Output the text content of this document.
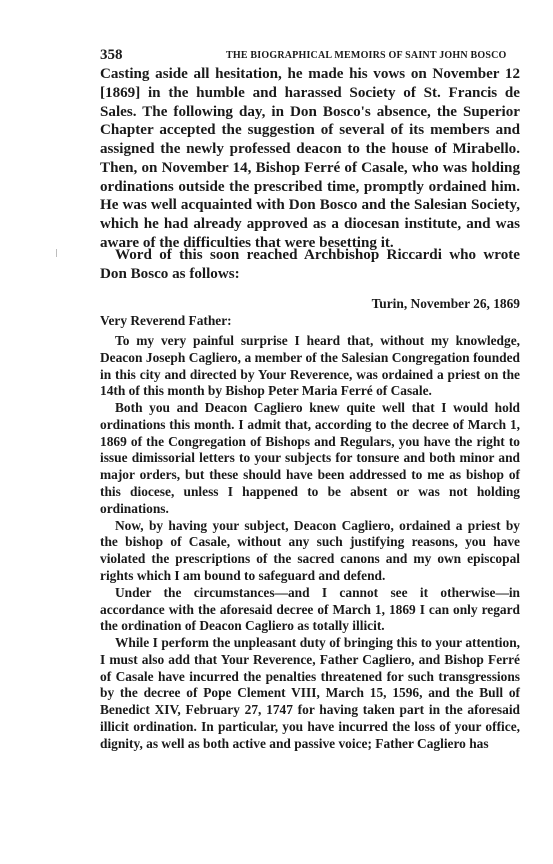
358	THE BIOGRAPHICAL MEMOIRS OF SAINT JOHN BOSCO
Casting aside all hesitation, he made his vows on November 12 [1869] in the humble and harassed Society of St. Francis de Sales. The following day, in Don Bosco's absence, the Superior Chapter accepted the suggestion of several of its members and assigned the newly professed deacon to the house of Mirabello. Then, on November 14, Bishop Ferré of Casale, who was holding ordinations outside the prescribed time, promptly ordained him. He was well acquainted with Don Bosco and the Salesian Society, which he had already approved as a diocesan institute, and was aware of the difficulties that were besetting it.
Word of this soon reached Archbishop Riccardi who wrote Don Bosco as follows:
Turin, November 26, 1869
Very Reverend Father:

To my very painful surprise I heard that, without my knowledge, Deacon Joseph Cagliero, a member of the Salesian Congregation founded in this city and directed by Your Reverence, was ordained a priest on the 14th of this month by Bishop Peter Maria Ferré of Casale.

Both you and Deacon Cagliero knew quite well that I would hold ordinations this month. I admit that, according to the decree of March 1, 1869 of the Congregation of Bishops and Regulars, you have the right to issue dimissorial letters to your subjects for tonsure and both minor and major orders, but these should have been addressed to me as bishop of this diocese, unless I happened to be absent or was not holding ordinations.

Now, by having your subject, Deacon Cagliero, ordained a priest by the bishop of Casale, without any such justifying reasons, you have violated the prescriptions of the sacred canons and my own episcopal rights which I am bound to safeguard and defend.

Under the circumstances—and I cannot see it otherwise—in accordance with the aforesaid decree of March 1, 1869 I can only regard the ordination of Deacon Cagliero as totally illicit.

While I perform the unpleasant duty of bringing this to your attention, I must also add that Your Reverence, Father Cagliero, and Bishop Ferré of Casale have incurred the penalties threatened for such transgressions by the decree of Pope Clement VIII, March 15, 1596, and the Bull of Benedict XIV, February 27, 1747 for having taken part in the aforesaid illicit ordination. In particular, you have incurred the loss of your office, dignity, as well as both active and passive voice; Father Cagliero has
